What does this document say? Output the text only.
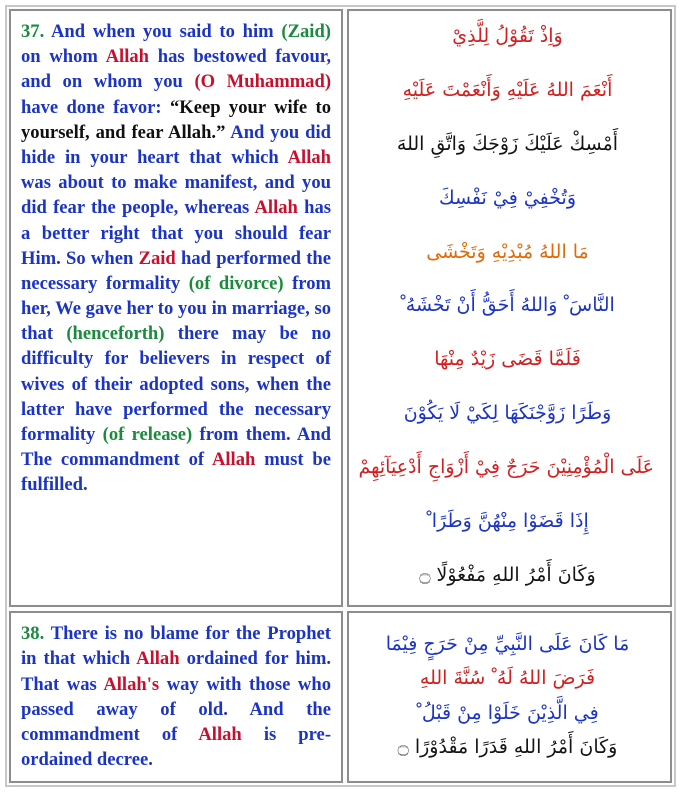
37. And when you said to him (Zaid) on whom Allah has bestowed favour, and on whom you (O Muhammad) have done favor: “Keep your wife to yourself, and fear Allah.” And you did hide in your heart that which Allah was about to make manifest, and you did fear the people, whereas Allah has a better right that you should fear Him. So when Zaid had performed the necessary formality (of divorce) from her, We gave her to you in marriage, so that (henceforth) there may be no difficulty for believers in respect of wives of their adopted sons, when the latter have performed the necessary formality (of release) from them. And The commandment of Allah must be fulfilled.

وَاِذْ تَقُوْلُ لِلَّذِيْ

أَنْعَمَ اللهُ عَلَيْهِ وَأَنْعَمْتَ عَلَيْهِ

أَمْسِكْ عَلَيْكَ زَوْجَكَ وَاتَّقِ اللهَ

وَتُخْفِيْ فِيْ نَفْسِكَ

مَا اللهُ مُبْدِيْهِ وَتَخْشَى

النَّاسَ ْ وَاللهُ أَحَقُّ أَنْ تَخْشَهُ ْ

فَلَمَّا قَضَى زَيْدٌ مِنْهَا

وَطَرًا زَوَّجْنَكَهَا لِكَيْ لَا يَكُوْنَ

عَلَى الْمُؤْمِنِيْنَ حَرَجٌ فِيْ أَزْوَاجِ أَدْعِيَآئِهِمْ

إِذَا قَضَوْا مِنْهُنَّ وَطَرًا ْ

وَكَانَ أَمْرُ اللهِ مَفْعُوْلًا ۝

38. There is no blame for the Prophet in that which Allah ordained for him. That was Allah's way with those who passed away of old. And the commandment of Allah is pre-ordained decree.

مَا كَانَ عَلَى النَّبِيِّ مِنْ حَرَجٍ فِيْمَا

فَرَضَ اللهُ لَهُ ْ سُنَّةَ اللهِ

فِي الَّذِيْنَ خَلَوْا مِنْ قَبْلُ ْ

وَكَانَ أَمْرُ اللهِ قَدَرًا مَقْدُوْرًا ۝
